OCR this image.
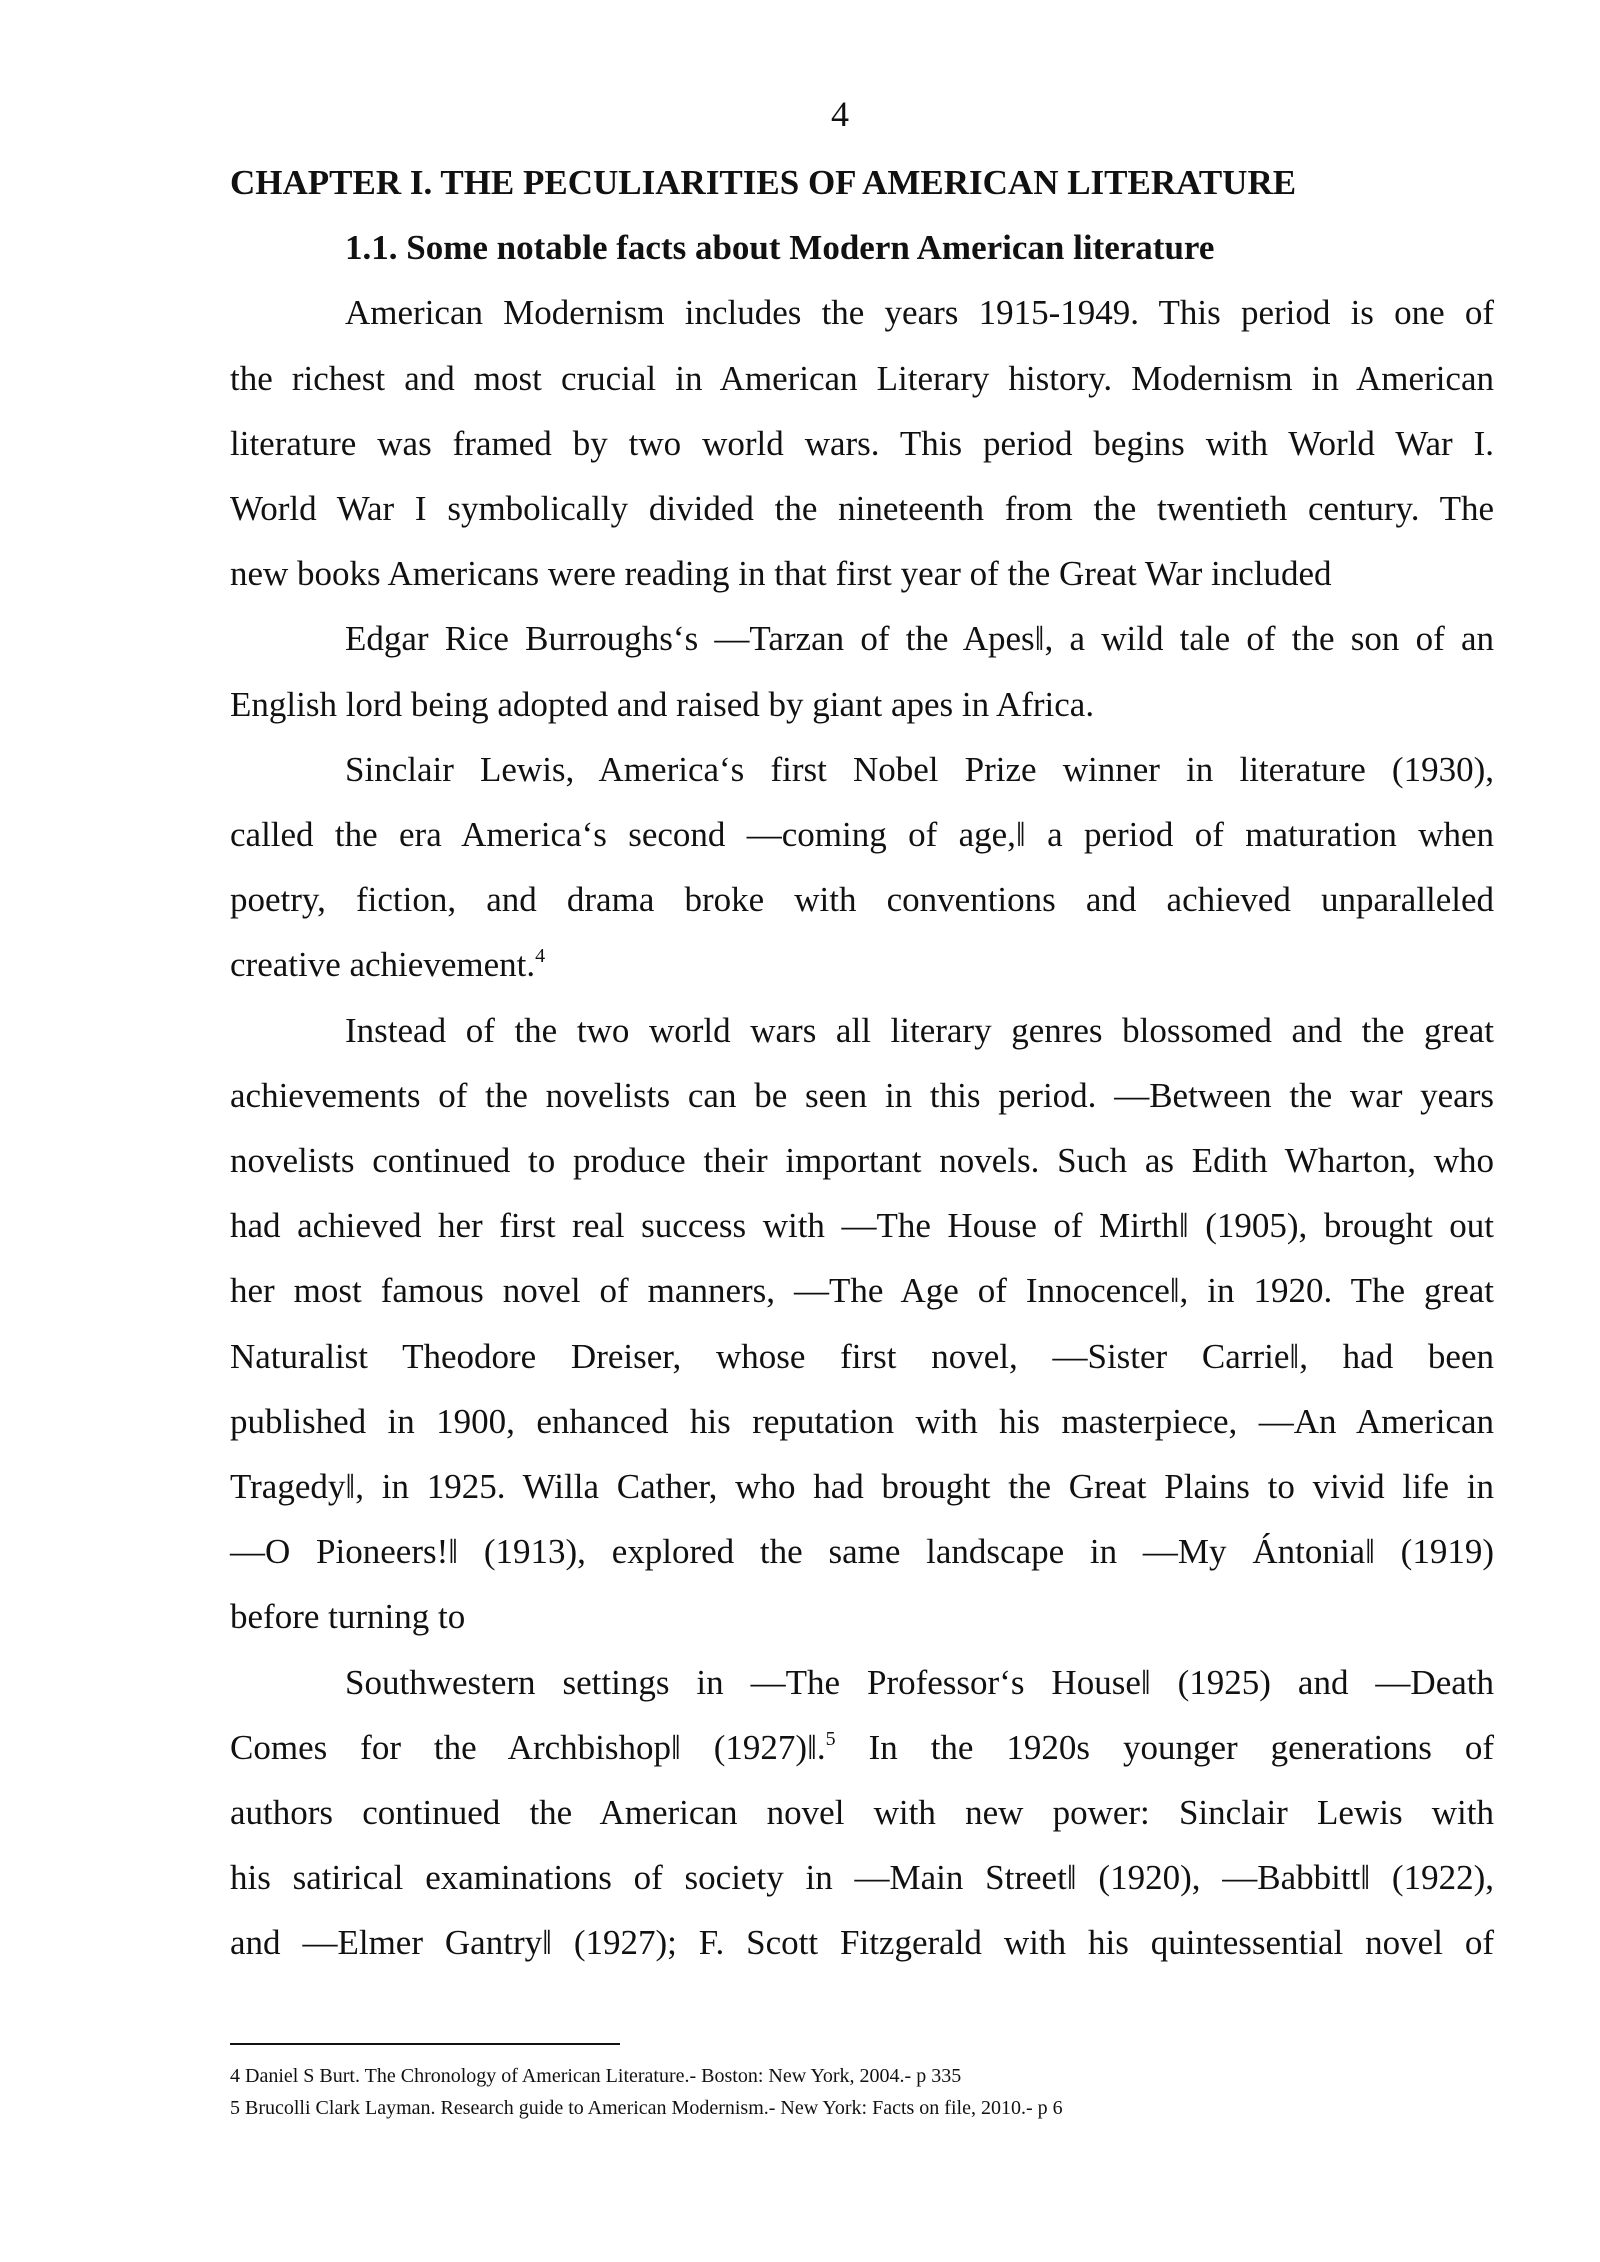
4
CHAPTER I. THE PECULIARITIES OF AMERICAN LITERATURE
1.1. Some notable facts about Modern American literature
American Modernism includes the years 1915-1949. This period is one of
the richest and most crucial in American Literary history. Modernism in American
literature was framed by two world wars. This period begins with World War I.
World War I symbolically divided the nineteenth from the twentieth century. The
new books Americans were reading in that first year of the Great War included
Edgar Rice Burroughs‘s ―Tarzan of the Apes‖, a wild tale of the son of an
English lord being adopted and raised by giant apes in Africa.
Sinclair Lewis, America‘s first Nobel Prize winner in literature (1930),
called the era America‘s second ―coming of age,‖ a period of maturation when
poetry, fiction, and drama broke with conventions and achieved unparalleled
creative achievement.$^4$
Instead of the two world wars all literary genres blossomed and the great
achievements of the novelists can be seen in this period. ―Between the war years
novelists continued to produce their important novels. Such as Edith Wharton, who
had achieved her first real success with ―The House of Mirth‖ (1905), brought out
her most famous novel of manners, ―The Age of Innocence‖, in 1920. The great
Naturalist Theodore Dreiser, whose first novel, ―Sister Carrie‖, had been
published in 1900, enhanced his reputation with his masterpiece, ―An American
Tragedy‖, in 1925. Willa Cather, who had brought the Great Plains to vivid life in
―O Pioneers!‖ (1913), explored the same landscape in ―My Ántonia‖ (1919)
before turning to
Southwestern settings in ―The Professor‘s House‖ (1925) and ―Death
Comes for the Archbishop‖ (1927)‖.$^5$ In the 1920s younger generations of
authors continued the American novel with new power: Sinclair Lewis with
his satirical examinations of society in ―Main Street‖ (1920), ―Babbitt‖ (1922),
and ―Elmer Gantry‖ (1927); F. Scott Fitzgerald with his quintessential novel of

4 Daniel S Burt. The Chronology of American Literature.- Boston: New York, 2004.- p 335

5 Brucolli Clark Layman. Research guide to American Modernism.- New York: Facts on file, 2010.- p 6
